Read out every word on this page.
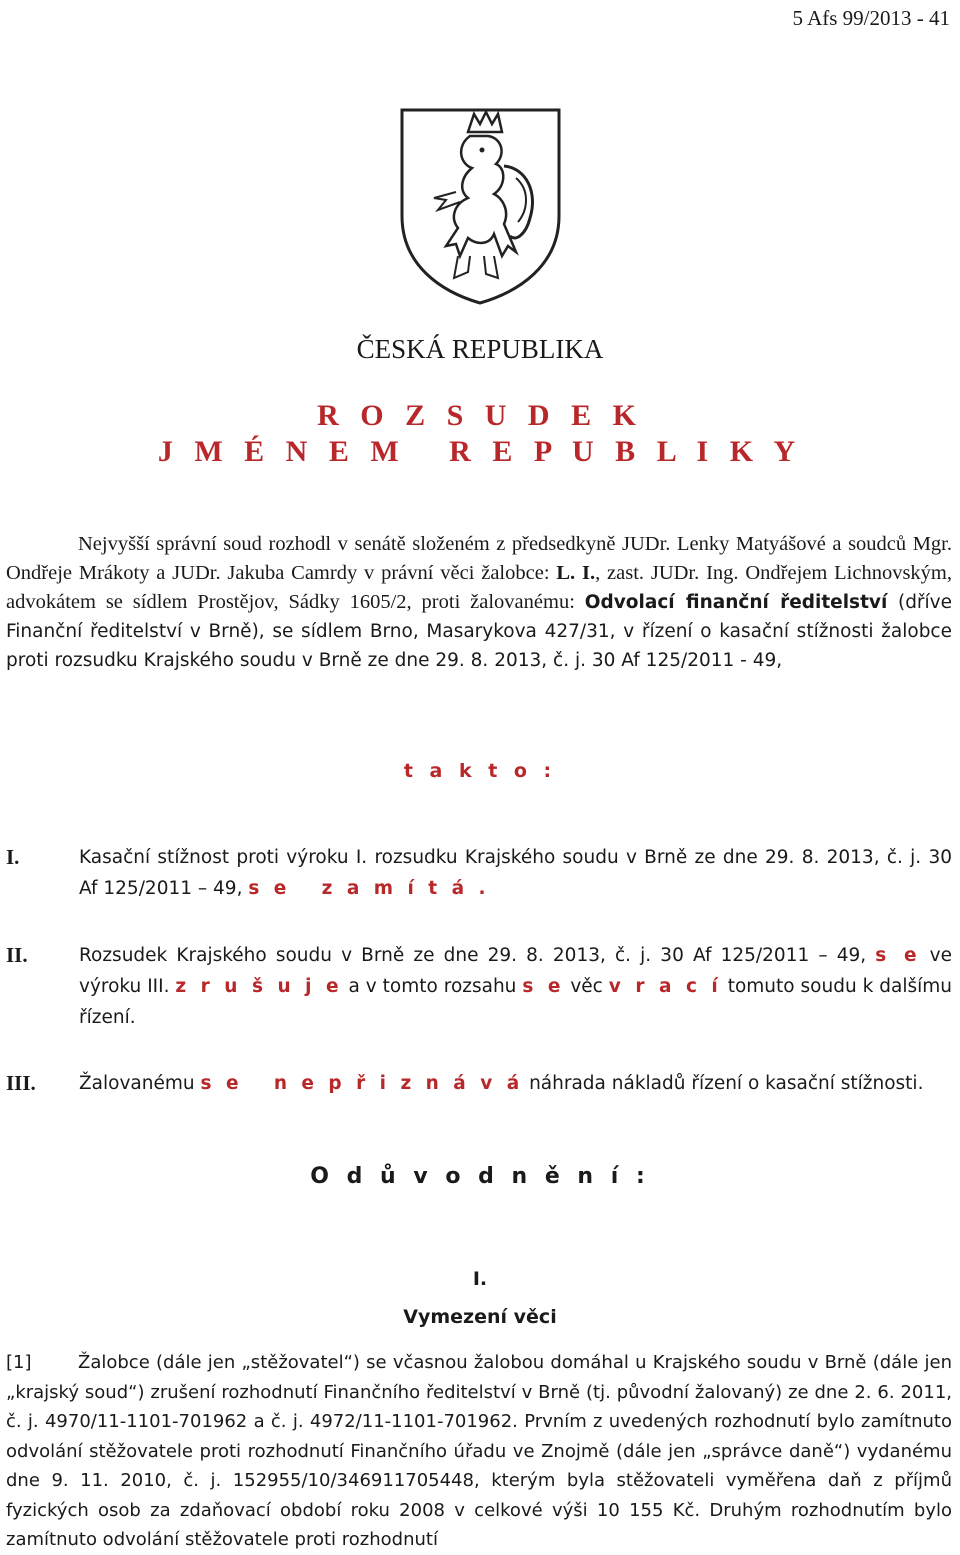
5 Afs 99/2013 - 41
ČESKÁ REPUBLIKA
R O Z S U D E K
J M É N E M   R E P U B L I K Y
Nejvyšší správní soud rozhodl v senátě složeném z předsedkyně JUDr. Lenky Matyášové a soudců Mgr. Ondřeje Mrákoty a JUDr. Jakuba Camrdy v právní věci žalobce: L. I., zast. JUDr. Ing. Ondřejem Lichnovským, advokátem se sídlem Prostějov, Sádky 1605/2, proti žalovanému: Odvolací finanční ředitelství (dříve Finanční ředitelství v Brně), se sídlem Brno, Masarykova 427/31, v řízení o kasační stížnosti žalobce proti rozsudku Krajského soudu v Brně ze dne 29. 8. 2013, č. j. 30 Af 125/2011 - 49,
t a k t o :
I.	Kasační stížnost proti výroku I. rozsudku Krajského soudu v Brně ze dne 29. 8. 2013, č. j. 30 Af 125/2011 – 49, s e   z a m í t á .
II.	Rozsudek Krajského soudu v Brně ze dne 29. 8. 2013, č. j. 30 Af 125/2011 – 49, s e ve výroku III. z r u š u j e a v tomto rozsahu s e věc v r a c í tomuto soudu k dalšímu řízení.
III. Žalovanému s e   n e p ř i z n á v á náhrada nákladů řízení o kasační stížnosti.
O d ů v o d n ě n í :
I.
Vymezení věci
[1]	Žalobce (dále jen „stěžovatel“) se včasnou žalobou domáhal u Krajského soudu v Brně (dále jen „krajský soud“) zrušení rozhodnutí Finančního ředitelství v Brně (tj. původní žalovaný) ze dne 2. 6. 2011, č. j. 4970/11-1101-701962 a č. j. 4972/11-1101-701962. Prvním z uvedených rozhodnutí bylo zamítnuto odvolání stěžovatele proti rozhodnutí Finančního úřadu ve Znojmě (dále jen „správce daně“) vydanému dne 9. 11. 2010, č. j. 152955/10/346911705448, kterým byla stěžovateli vyměřena daň z příjmů fyzických osob za zdaňovací období roku 2008 v celkové výši 10 155 Kč. Druhým rozhodnutím bylo zamítnuto odvolání stěžovatele proti rozhodnutí
